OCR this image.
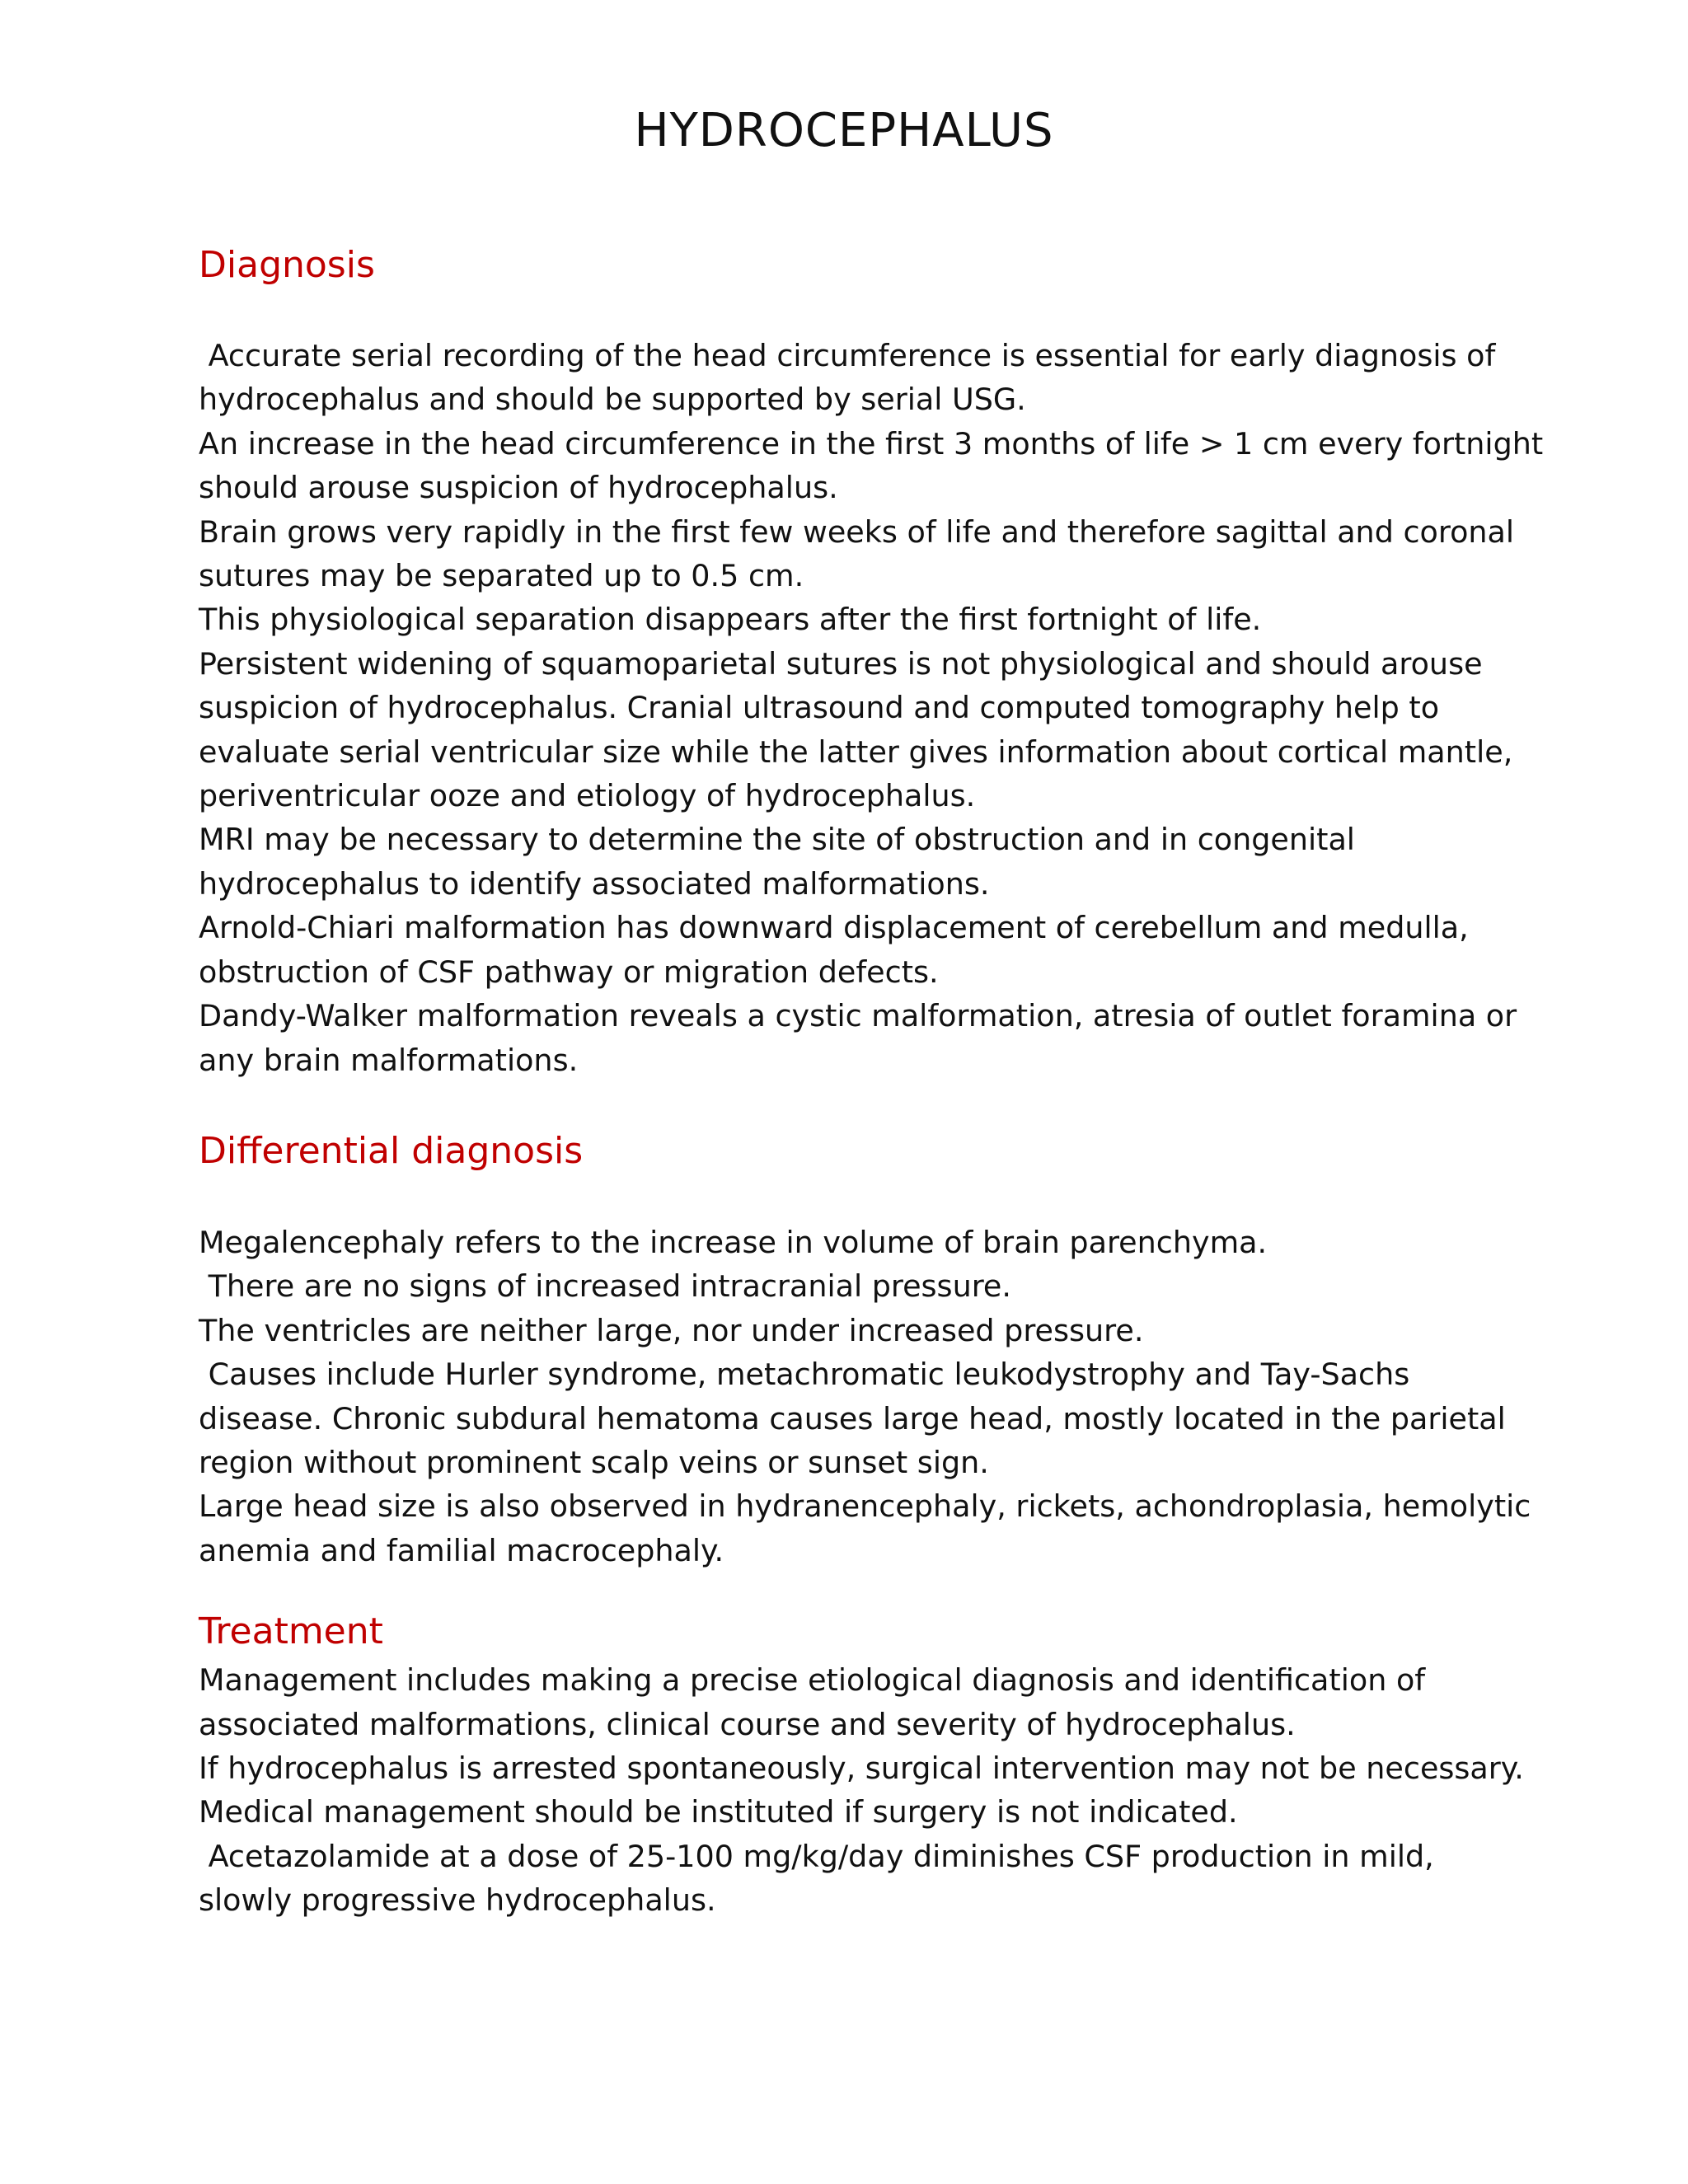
HYDROCEPHALUS
Diagnosis
Accurate serial recording of the head circumference is essential for early diagnosis of
hydrocephalus and should be supported by serial USG.
An increase in the head circumference in the first 3 months of life > 1 cm every fortnight
should arouse suspicion of hydrocephalus.
Brain grows very rapidly in the first few weeks of life and therefore sagittal and coronal
sutures may be separated up to 0.5 cm.
This physiological separation disappears after the first fortnight of life.
Persistent widening of squamoparietal sutures is not physiological and should arouse
suspicion of hydrocephalus. Cranial ultrasound and computed tomography help to
evaluate serial ventricular size while the latter gives information about cortical mantle,
periventricular ooze and etiology of hydrocephalus.
MRI may be necessary to determine the site of obstruction and in congenital
hydrocephalus to identify associated malformations.
Arnold-Chiari malformation has downward displacement of cerebellum and medulla,
obstruction of CSF pathway or migration defects.
Dandy-Walker malformation reveals a cystic malformation, atresia of outlet foramina or
any brain malformations.
Differential diagnosis
Megalencephaly refers to the increase in volume of brain parenchyma.
There are no signs of increased intracranial pressure.
The ventricles are neither large, nor under increased pressure.
Causes include Hurler syndrome, metachromatic leukodystrophy and Tay-Sachs
disease. Chronic subdural hematoma causes large head, mostly located in the parietal
region without prominent scalp veins or sunset sign.
Large head size is also observed in hydranencephaly, rickets, achondroplasia, hemolytic
anemia and familial macrocephaly.
Treatment
Management includes making a precise etiological diagnosis and identification of
associated malformations, clinical course and severity of hydrocephalus.
If hydrocephalus is arrested spontaneously, surgical intervention may not be necessary.
Medical management should be instituted if surgery is not indicated.
Acetazolamide at a dose of 25-100 mg/kg/day diminishes CSF production in mild,
slowly progressive hydrocephalus.
